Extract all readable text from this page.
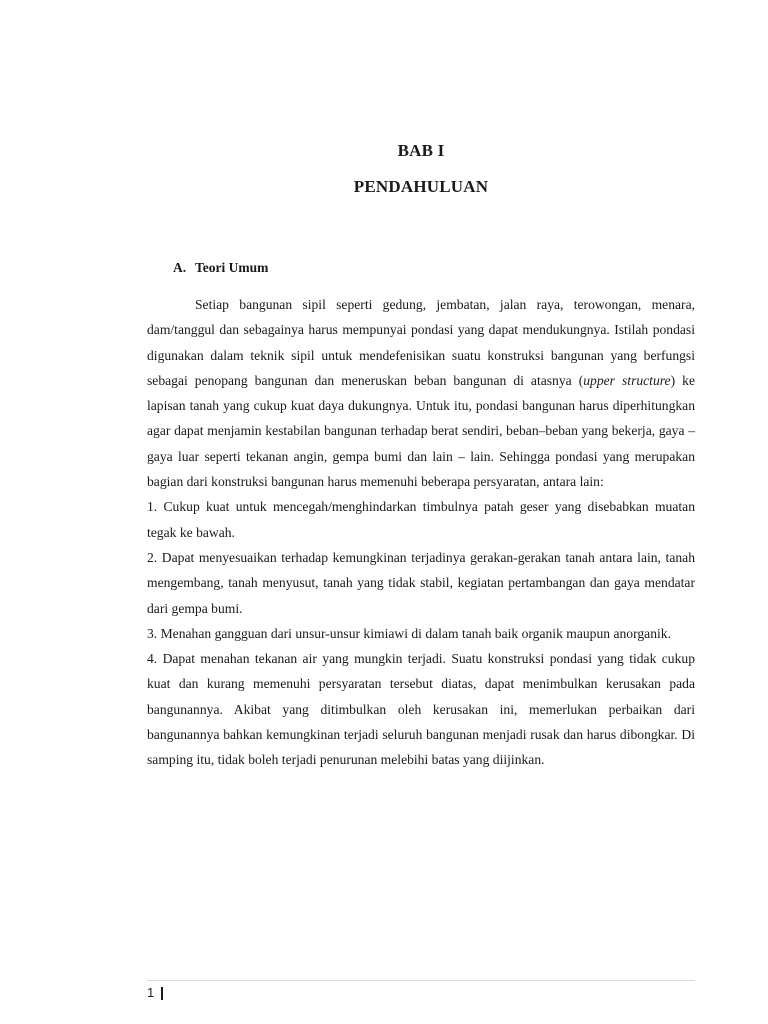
BAB I
PENDAHULUAN
A. Teori Umum

Setiap bangunan sipil seperti gedung, jembatan, jalan raya, terowongan, menara, dam/tanggul dan sebagainya harus mempunyai pondasi yang dapat mendukungnya. Istilah pondasi digunakan dalam teknik sipil untuk mendefenisikan suatu konstruksi bangunan yang berfungsi sebagai penopang bangunan dan meneruskan beban bangunan di atasnya (upper structure) ke lapisan tanah yang cukup kuat daya dukungnya. Untuk itu, pondasi bangunan harus diperhitungkan agar dapat menjamin kestabilan bangunan terhadap berat sendiri, beban–beban yang bekerja, gaya – gaya luar seperti tekanan angin, gempa bumi dan lain – lain. Sehingga pondasi yang merupakan bagian dari konstruksi bangunan harus memenuhi beberapa persyaratan, antara lain:

1. Cukup kuat untuk mencegah/menghindarkan timbulnya patah geser yang disebabkan muatan tegak ke bawah.

2. Dapat menyesuaikan terhadap kemungkinan terjadinya gerakan-gerakan tanah antara lain, tanah mengembang, tanah menyusut, tanah yang tidak stabil, kegiatan pertambangan dan gaya mendatar dari gempa bumi.

3. Menahan gangguan dari unsur-unsur kimiawi di dalam tanah baik organik maupun anorganik.

4. Dapat menahan tekanan air yang mungkin terjadi. Suatu konstruksi pondasi yang tidak cukup kuat dan kurang memenuhi persyaratan tersebut diatas, dapat menimbulkan kerusakan pada bangunannya. Akibat yang ditimbulkan oleh kerusakan ini, memerlukan perbaikan dari bangunannya bahkan kemungkinan terjadi seluruh bangunan menjadi rusak dan harus dibongkar. Di samping itu, tidak boleh terjadi penurunan melebihi batas yang diijinkan.

1
